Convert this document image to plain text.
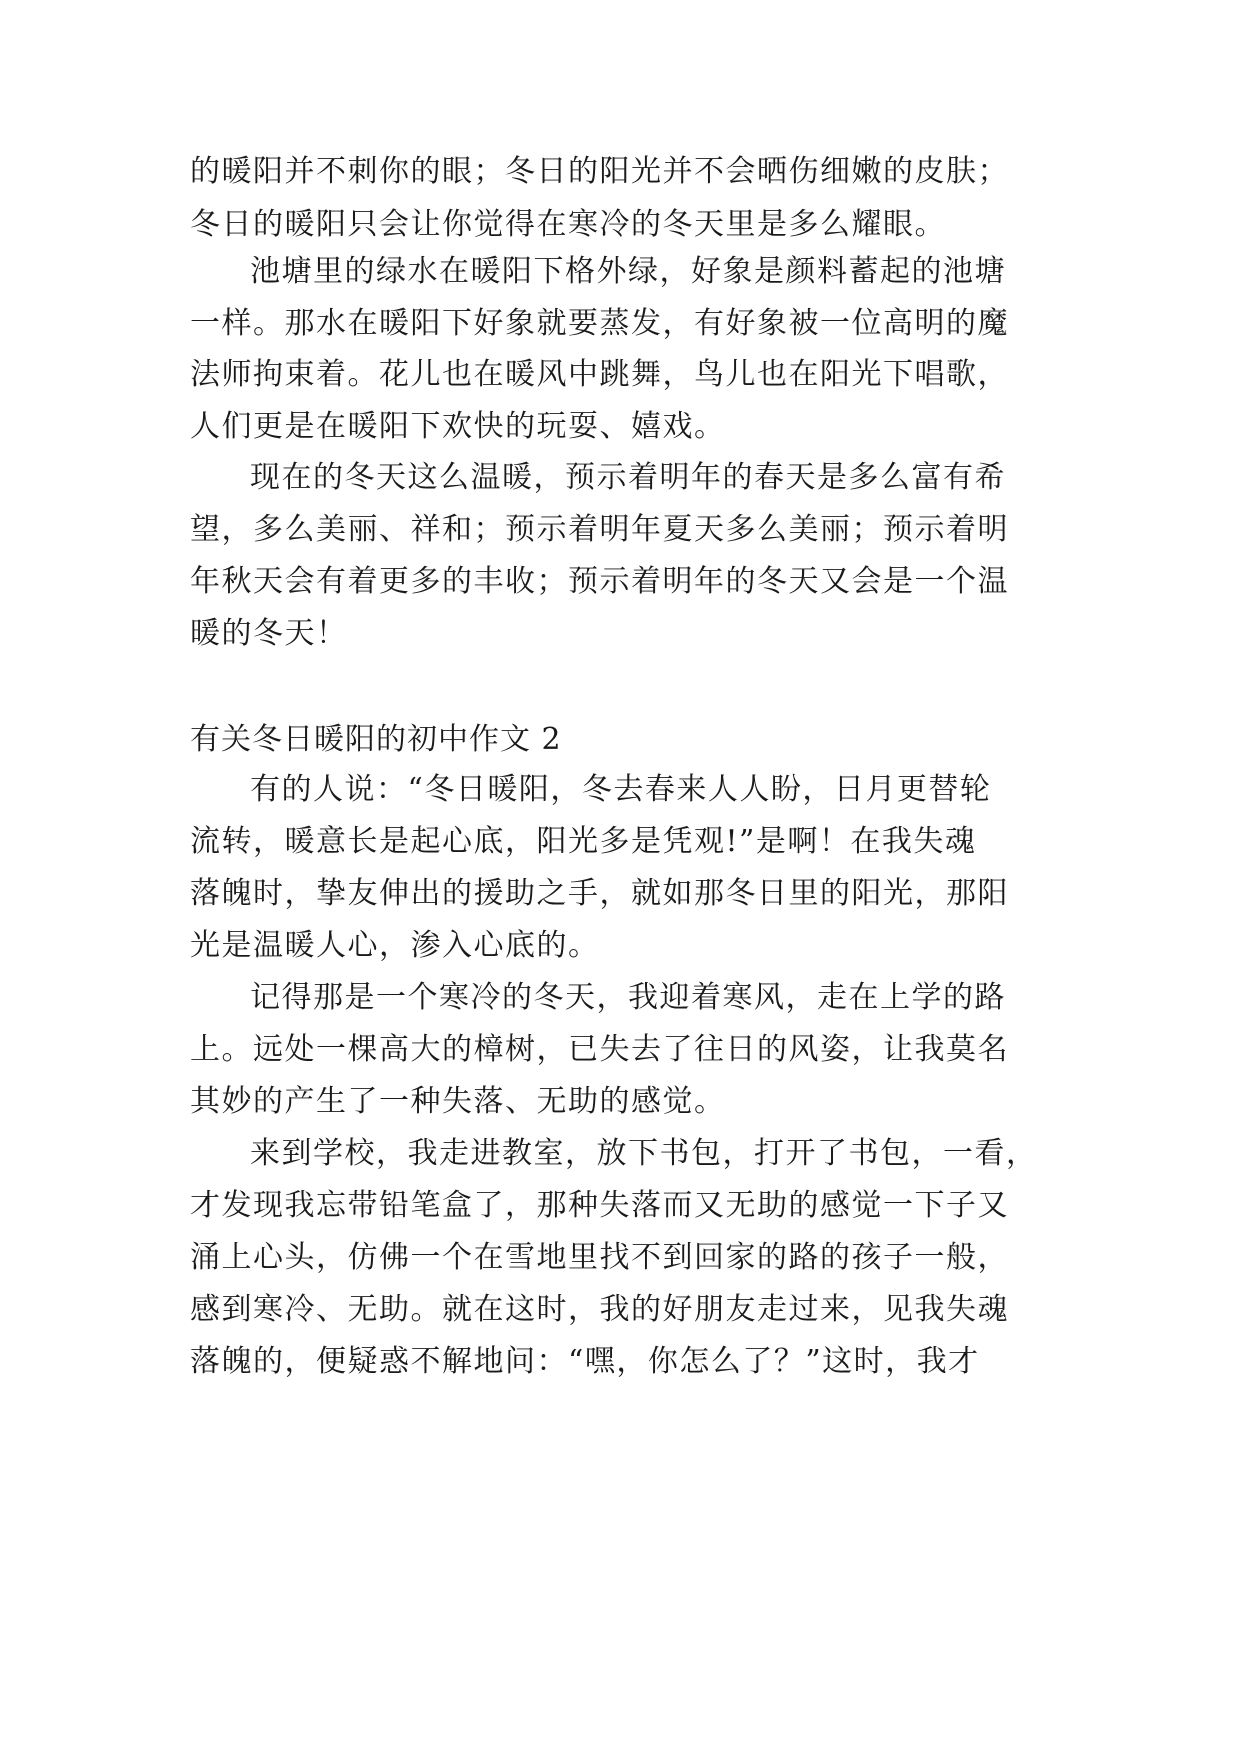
的暖阳并不刺你的眼；冬日的阳光并不会晒伤细嫩的皮肤；
冬日的暖阳只会让你觉得在寒冷的冬天里是多么耀眼。
池塘里的绿水在暖阳下格外绿，好象是颜料蓄起的池塘
一样。那水在暖阳下好象就要蒸发，有好象被一位高明的魔
法师拘束着。花儿也在暖风中跳舞，鸟儿也在阳光下唱歌，
人们更是在暖阳下欢快的玩耍、嬉戏。
现在的冬天这么温暖，预示着明年的春天是多么富有希
望，多么美丽、祥和；预示着明年夏天多么美丽；预示着明
年秋天会有着更多的丰收；预示着明年的冬天又会是一个温
暖的冬天！
有关冬日暖阳的初中作文 2
有的人说：“冬日暖阳，冬去春来人人盼，日月更替轮
流转，暖意长是起心底，阳光多是凭观!”是啊！在我失魂
落魄时，挚友伸出的援助之手，就如那冬日里的阳光，那阳
光是温暖人心，渗入心底的。
记得那是一个寒冷的冬天，我迎着寒风，走在上学的路
上。远处一棵高大的樟树，已失去了往日的风姿，让我莫名
其妙的产生了一种失落、无助的感觉。
来到学校，我走进教室，放下书包，打开了书包，一看，
才发现我忘带铅笔盒了，那种失落而又无助的感觉一下子又
涌上心头，仿佛一个在雪地里找不到回家的路的孩子一般，
感到寒冷、无助。就在这时，我的好朋友走过来，见我失魂
落魄的，便疑惑不解地问：“嘿，你怎么了？”这时，我才
